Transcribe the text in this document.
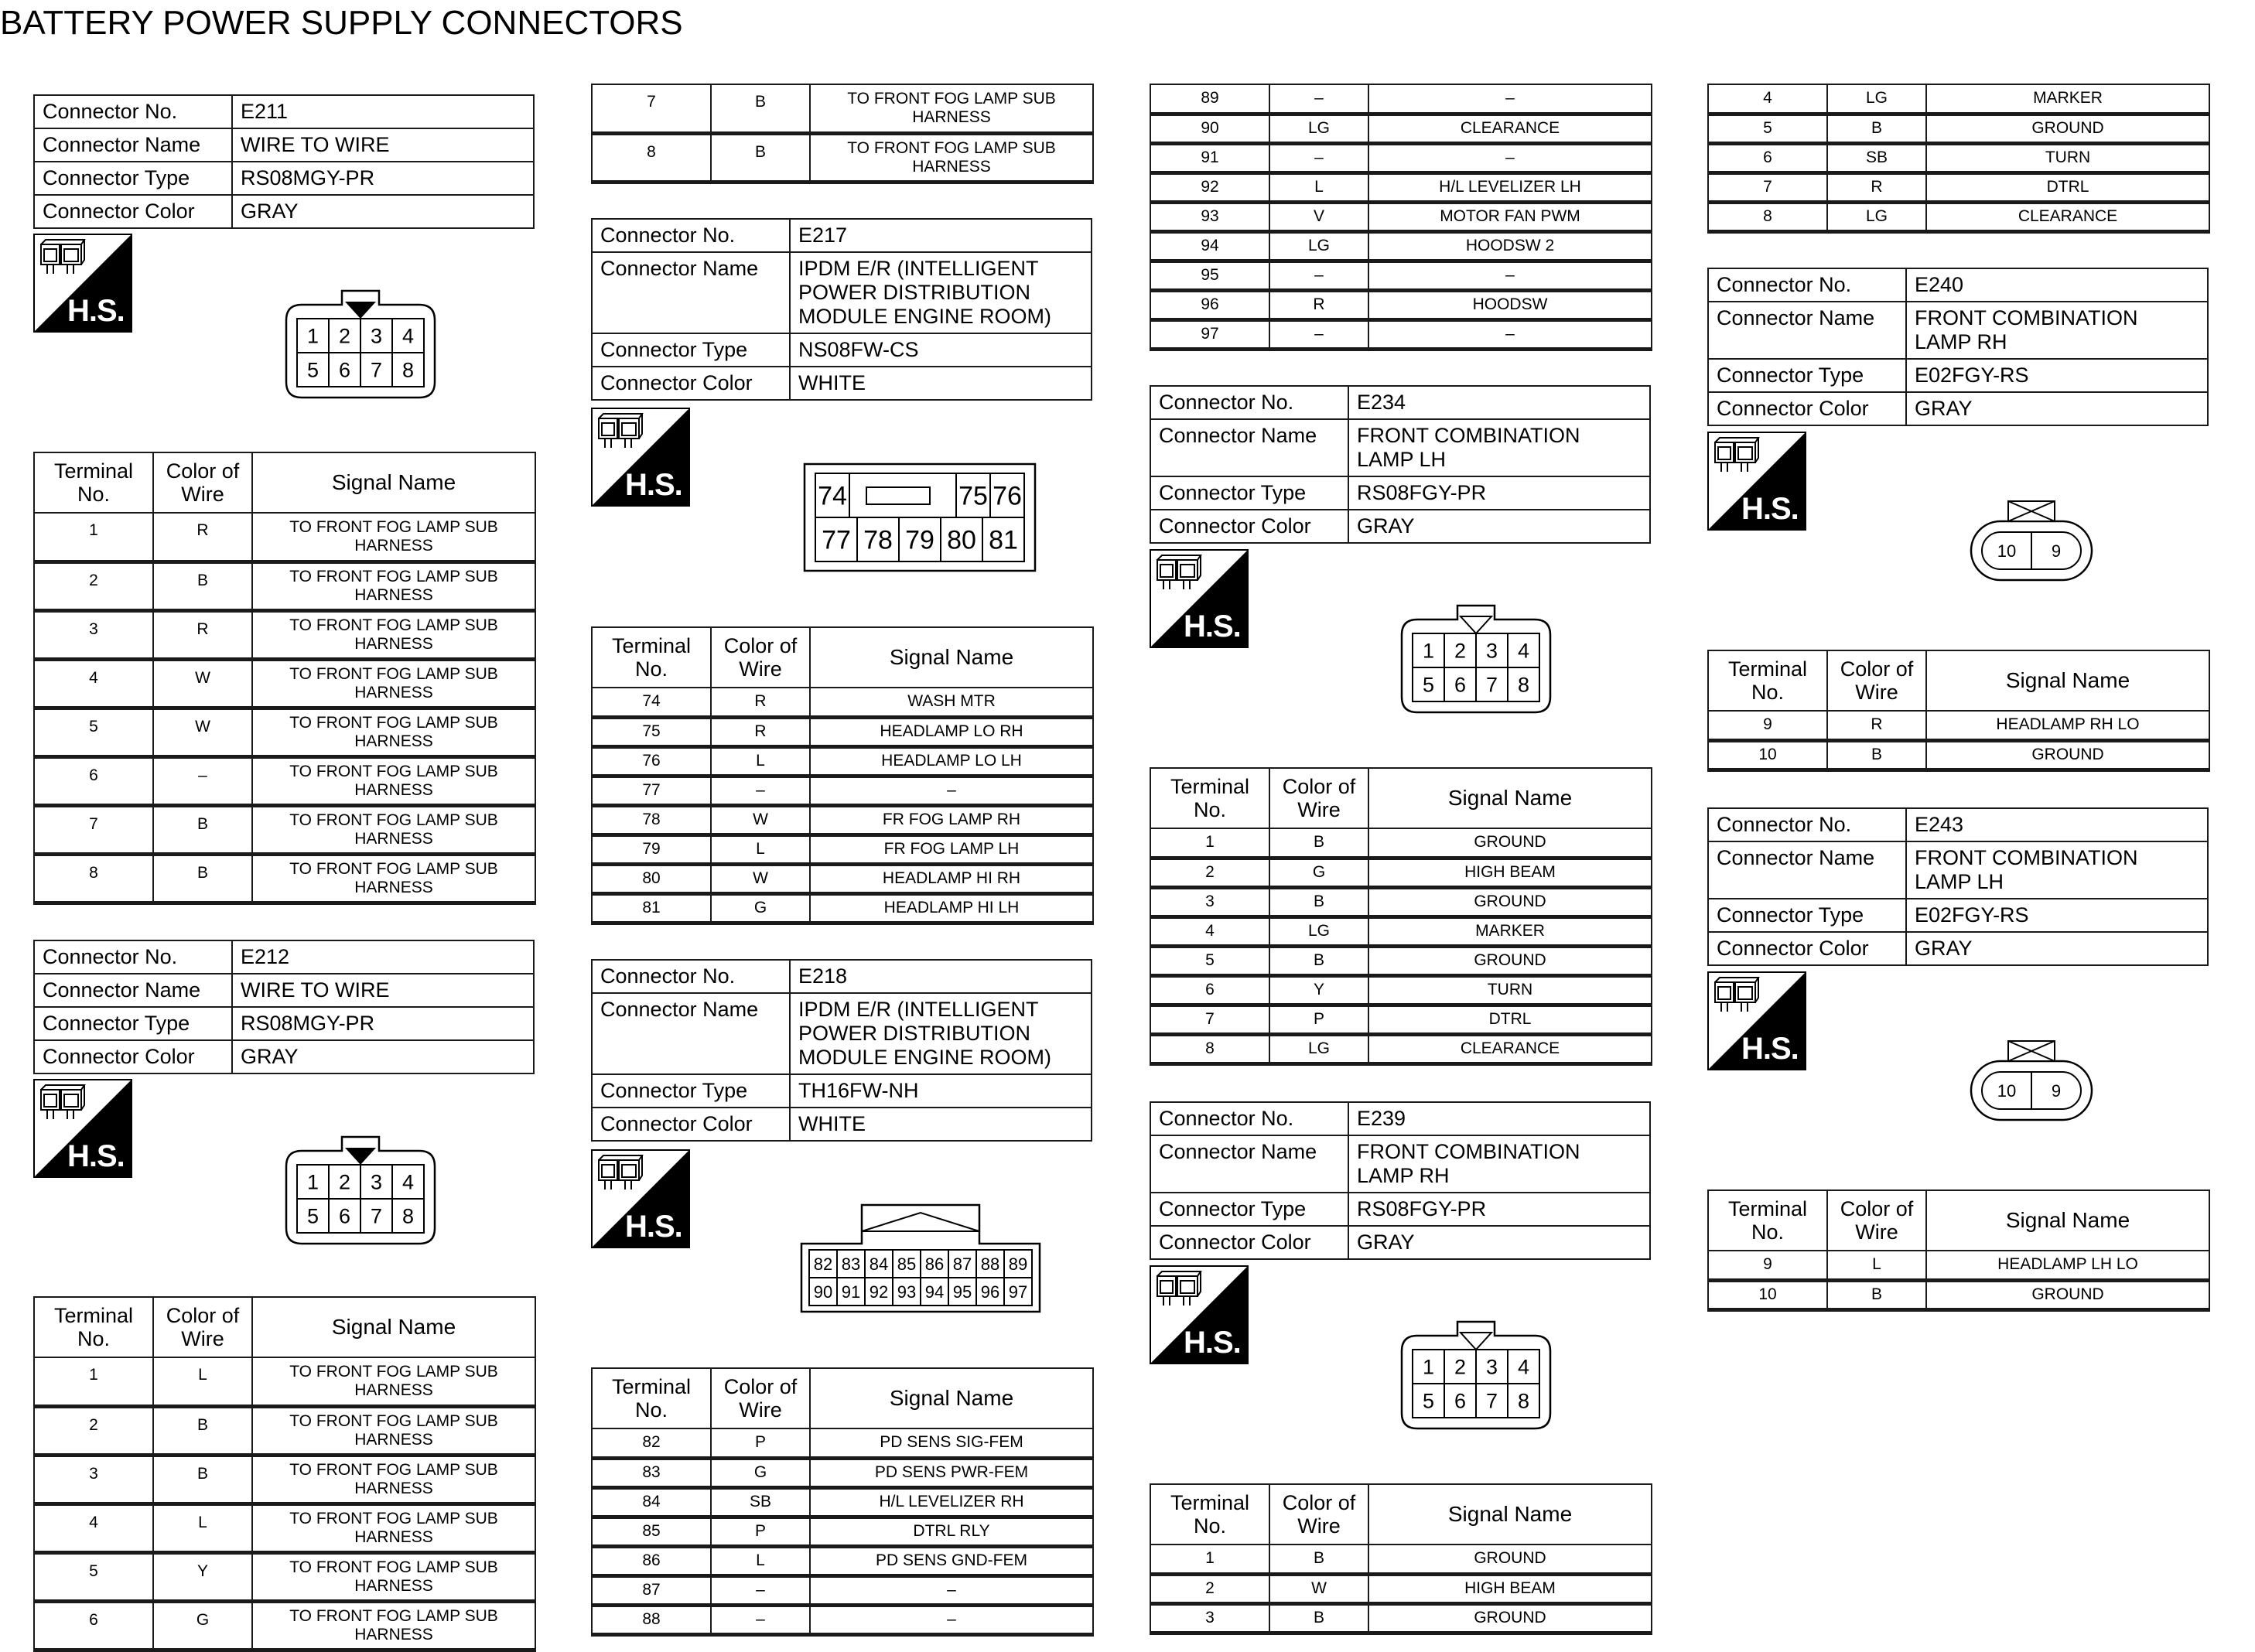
BATTERY POWER SUPPLY CONNECTORS
Connector No.	E211
Connector Name	WIRE TO WIRE
Connector Type	RS08MGY-PR
Connector Color	GRAY
H.S.
1
5
2
6
3
7
4
8
Terminal No.	Color of Wire	Signal Name
1	R	TO FRONT FOG LAMP SUB HARNESS
2	B	TO FRONT FOG LAMP SUB HARNESS
3	R	TO FRONT FOG LAMP SUB HARNESS
4	W	TO FRONT FOG LAMP SUB HARNESS
5	W	TO FRONT FOG LAMP SUB HARNESS
6	–	TO FRONT FOG LAMP SUB HARNESS
7	B	TO FRONT FOG LAMP SUB HARNESS
8	B	TO FRONT FOG LAMP SUB HARNESS
Connector No.	E212
Connector Name	WIRE TO WIRE
Connector Type	RS08MGY-PR
Connector Color	GRAY
H.S.
1
5
2
6
3
7
4
8
Terminal No.	Color of Wire	Signal Name
1	L	TO FRONT FOG LAMP SUB HARNESS
2	B	TO FRONT FOG LAMP SUB HARNESS
3	B	TO FRONT FOG LAMP SUB HARNESS
4	L	TO FRONT FOG LAMP SUB HARNESS
5	Y	TO FRONT FOG LAMP SUB HARNESS
6	G	TO FRONT FOG LAMP SUB HARNESS
7	B	TO FRONT FOG LAMP SUB HARNESS
8	B	TO FRONT FOG LAMP SUB HARNESS
Connector No.	E217
Connector Name	IPDM E/R (INTELLIGENT POWER DISTRIBUTION MODULE ENGINE ROOM)
Connector Type	NS08FW-CS
Connector Color	WHITE
H.S.	74	75 76
77 78 79 80 81
Terminal No.	Color of Wire	Signal Name
74	R	WASH MTR
75	R	HEADLAMP LO RH
76	L	HEADLAMP LO LH
77	–	–
78	W	FR FOG LAMP RH
79	L	FR FOG LAMP LH
80	W	HEADLAMP HI RH
81	G	HEADLAMP HI LH
Connector No.	E218
Connector Name	IPDM E/R (INTELLIGENT POWER DISTRIBUTION MODULE ENGINE ROOM)
Connector Type	TH16FW-NH
Connector Color	WHITE
H.S.
82
90
83
91
84
92
85
93
86
94
87
95
88
96
89
97
Terminal No.	Color of Wire	Signal Name
82	P	PD SENS SIG-FEM
83	G	PD SENS PWR-FEM
84	SB	H/L LEVELIZER RH
85	P	DTRL RLY
86	L	PD SENS GND-FEM
87	–	–
88	–	–
89	–	–
90	LG	CLEARANCE
91	–	–
92	L	H/L LEVELIZER LH
93	V	MOTOR FAN PWM
94	LG	HOODSW 2
95	–	–
96	R	HOODSW
97	–	–
Connector No.	E234
Connector Name	FRONT COMBINATION LAMP LH
Connector Type	RS08FGY-PR
Connector Color	GRAY
H.S.
1
5
2
6
3
7
4
8
Terminal No.	Color of Wire	Signal Name
1	B	GROUND
2	G	HIGH BEAM
3	B	GROUND
4	LG	MARKER
5	B	GROUND
6	Y	TURN
7	P	DTRL
8	LG	CLEARANCE
Connector No.	E239
Connector Name	FRONT COMBINATION LAMP RH
Connector Type	RS08FGY-PR
Connector Color	GRAY
H.S.
1
5
2
6
3
7
4
8
Terminal No.	Color of Wire	Signal Name
1	B	GROUND
2	W	HIGH BEAM
3	B	GROUND
4	LG	MARKER
5	B	GROUND
6	SB	TURN
7	R	DTRL
8	LG	CLEARANCE
Connector No.	E240
Connector Name	FRONT COMBINATION LAMP RH
Connector Type	E02FGY-RS
Connector Color	GRAY
H.S.
10 9
Terminal No.	Color of Wire	Signal Name
9	R	HEADLAMP RH LO
10	B	GROUND
Connector No.	E243
Connector Name	FRONT COMBINATION LAMP LH
Connector Type	E02FGY-RS
Connector Color	GRAY
H.S.
10 9
Terminal No.	Color of Wire	Signal Name
9	L	HEADLAMP LH LO
10	B	GROUND
